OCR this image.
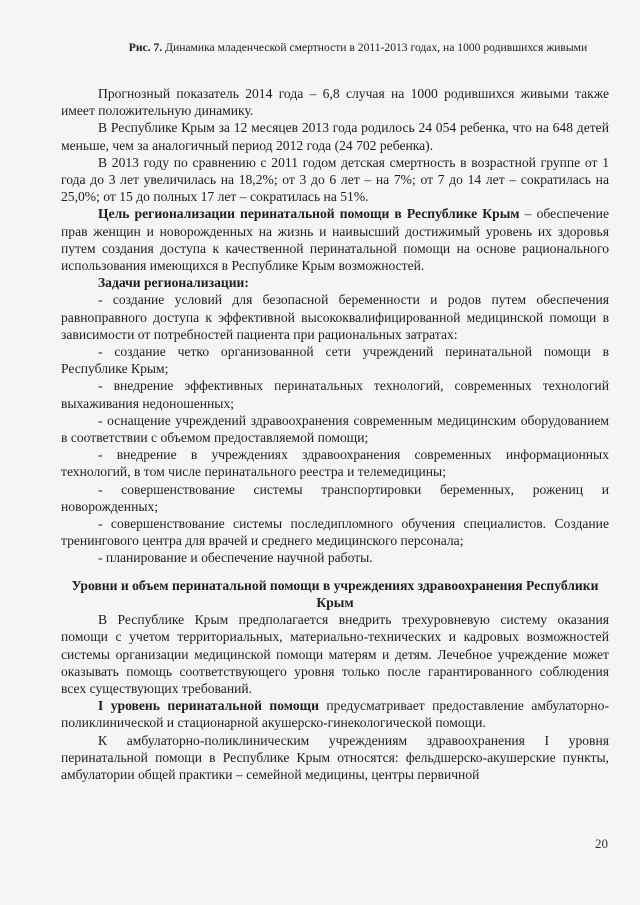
Рис. 7. Динамика младенческой смертности в 2011-2013 годах, на 1000 родившихся живыми

Прогнозный показатель 2014 года – 6,8 случая на 1000 родившихся живыми также имеет положительную динамику.

В Республике Крым за 12 месяцев 2013 года родилось 24 054 ребенка, что на 648 детей меньше, чем за аналогичный период 2012 года (24 702 ребенка).

В 2013 году по сравнению с 2011 годом детская смертность в возрастной группе от 1 года до 3 лет увеличилась на 18,2%; от 3 до 6 лет – на 7%; от 7 до 14 лет – сократилась на 25,0%; от 15 до полных 17 лет – сократилась на 51%.

Цель регионализации перинатальной помощи в Республике Крым – обеспечение прав женщин и новорожденных на жизнь и наивысший достижимый уровень их здоровья путем создания доступа к качественной перинатальной помощи на основе рационального использования имеющихся в Республике Крым возможностей.

Задачи регионализации:

- создание условий для безопасной беременности и родов путем обеспечения равноправного доступа к эффективной высококвалифицированной медицинской помощи в зависимости от потребностей пациента при рациональных затратах:

- создание четко организованной сети учреждений перинатальной помощи в Республике Крым;

- внедрение эффективных перинатальных технологий, современных технологий выхаживания недоношенных;

- оснащение учреждений здравоохранения современным медицинским оборудованием в соответствии с объемом предоставляемой помощи;

- внедрение в учреждениях здравоохранения современных информационных технологий, в том числе перинатального реестра и телемедицины;

- совершенствование системы транспортировки беременных, рожениц и новорожденных;

- совершенствование системы последипломного обучения специалистов. Создание тренингового центра для врачей и среднего медицинского персонала;

- планирование и обеспечение научной работы.

Уровни и объем перинатальной помощи в учреждениях здравоохранения Республики Крым

В Республике Крым предполагается внедрить трехуровневую систему оказания помощи с учетом территориальных, материально-технических и кадровых возможностей системы организации медицинской помощи матерям и детям. Лечебное учреждение может оказывать помощь соответствующего уровня только после гарантированного соблюдения всех существующих требований.

I уровень перинатальной помощи предусматривает предоставление амбулаторно-поликлинической и стационарной акушерско-гинекологической помощи.

К амбулаторно-поликлиническим учреждениям здравоохранения I уровня перинатальной помощи в Республике Крым относятся: фельдшерско-акушерские пункты, амбулатории общей практики – семейной медицины, центры первичной

20
